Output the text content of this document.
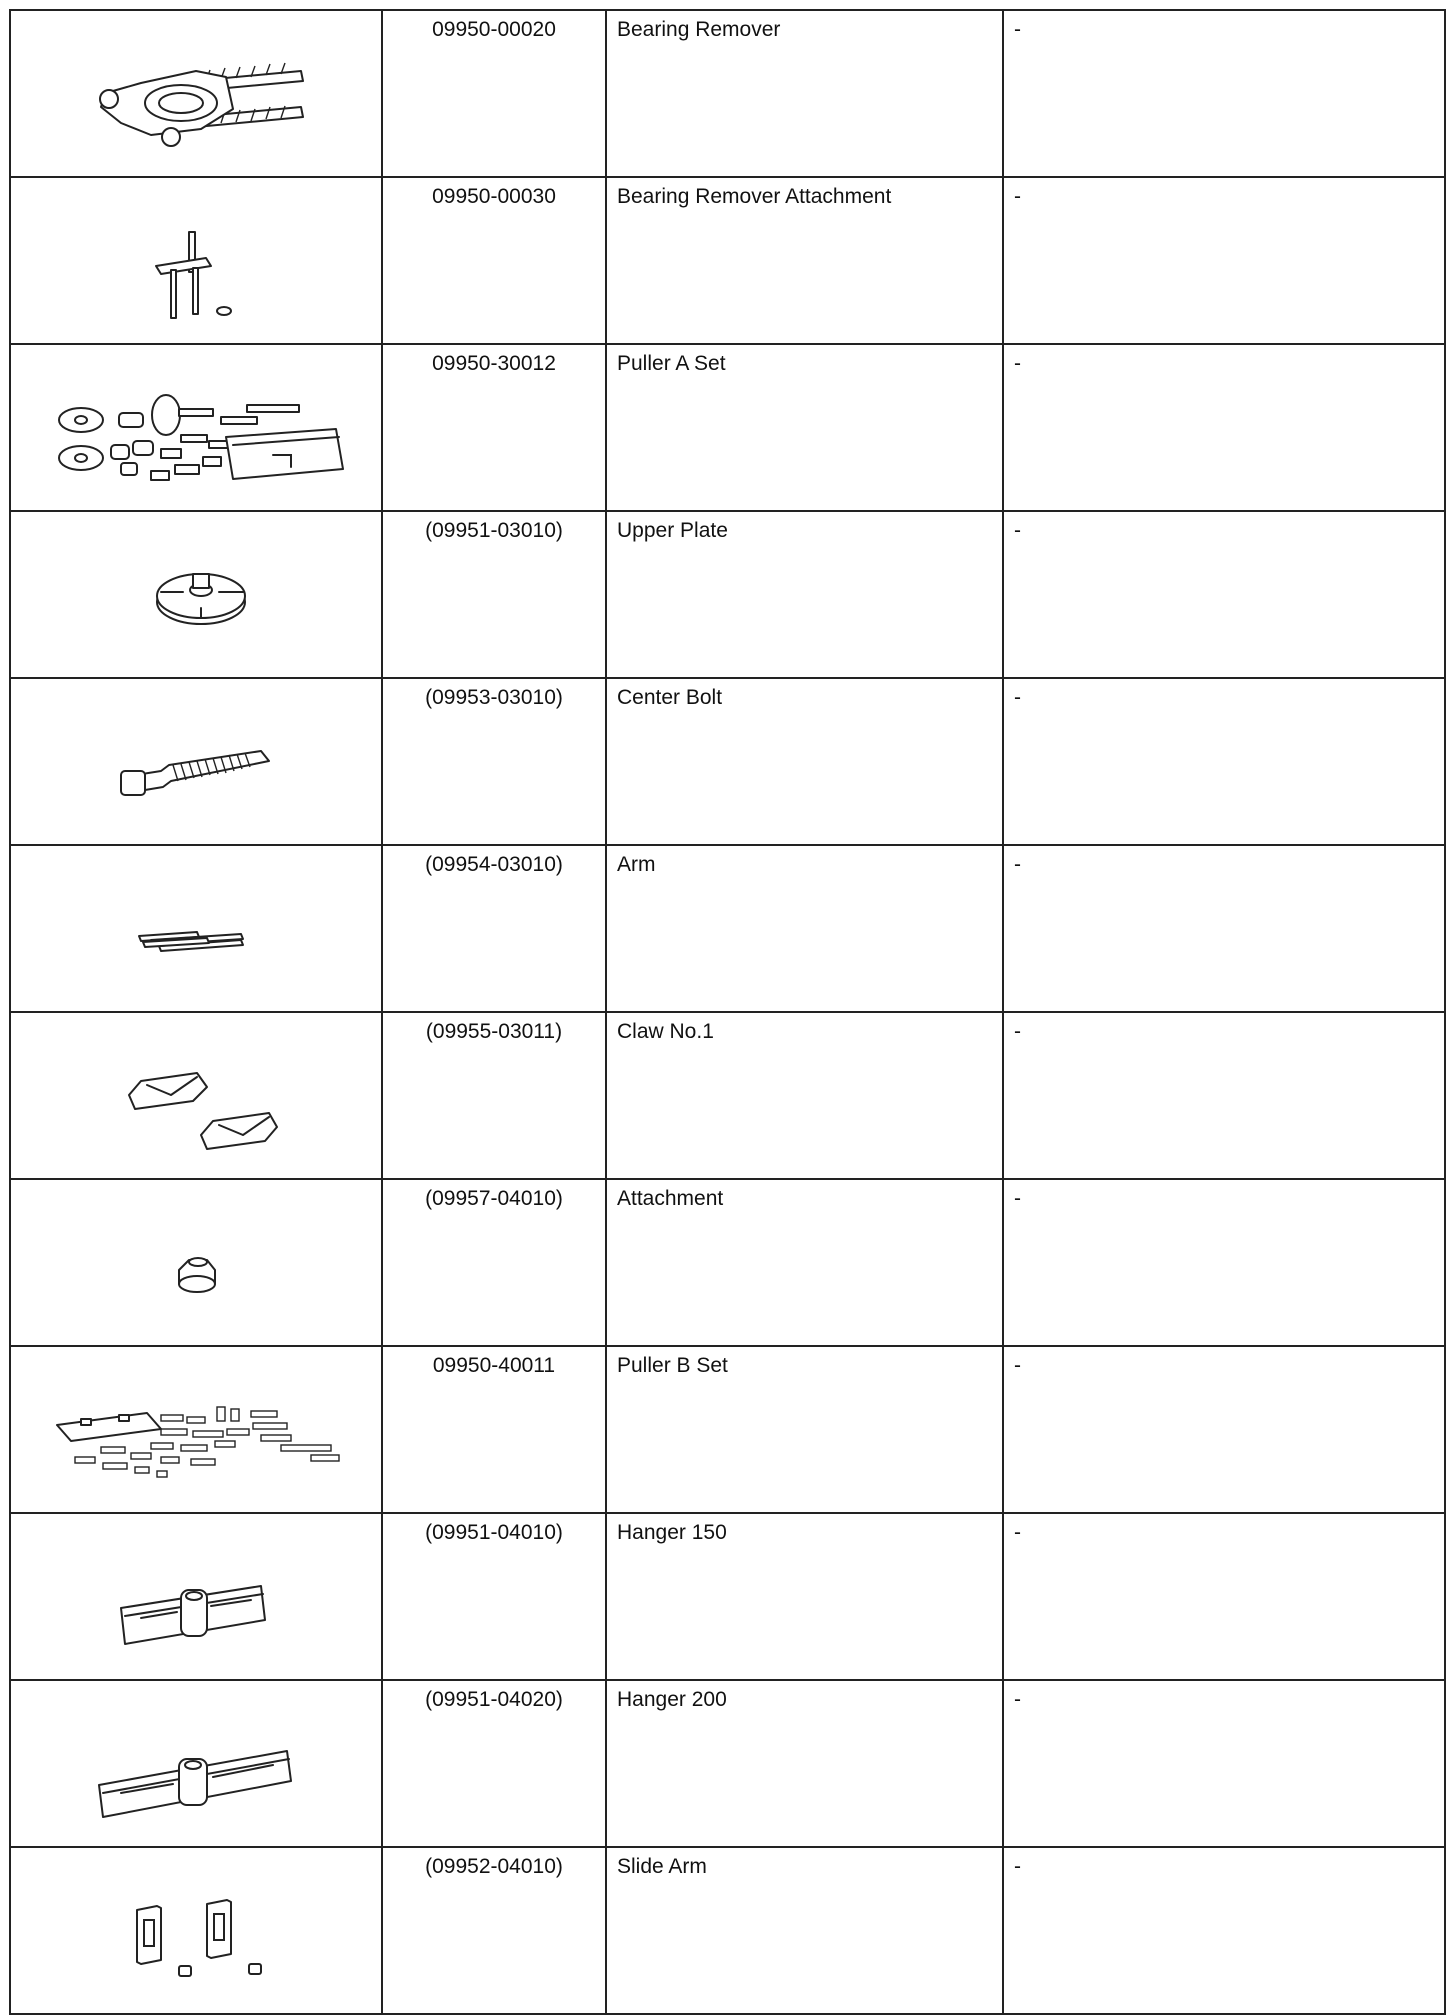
	09950-00020	Bearing Remover	-

	09950-00030	Bearing Remover Attachment	-

	09950-30012	Puller A Set	-

	(09951-03010)	Upper Plate	-

	(09953-03010)	Center Bolt	-

	(09954-03010)	Arm	-

	(09955-03011)	Claw No.1	-

	(09957-04010)	Attachment	-

	09950-40011	Puller B Set	-

	(09951-04010)	Hanger 150	-

	(09951-04020)	Hanger 200	-

	(09952-04010)	Slide Arm	-
